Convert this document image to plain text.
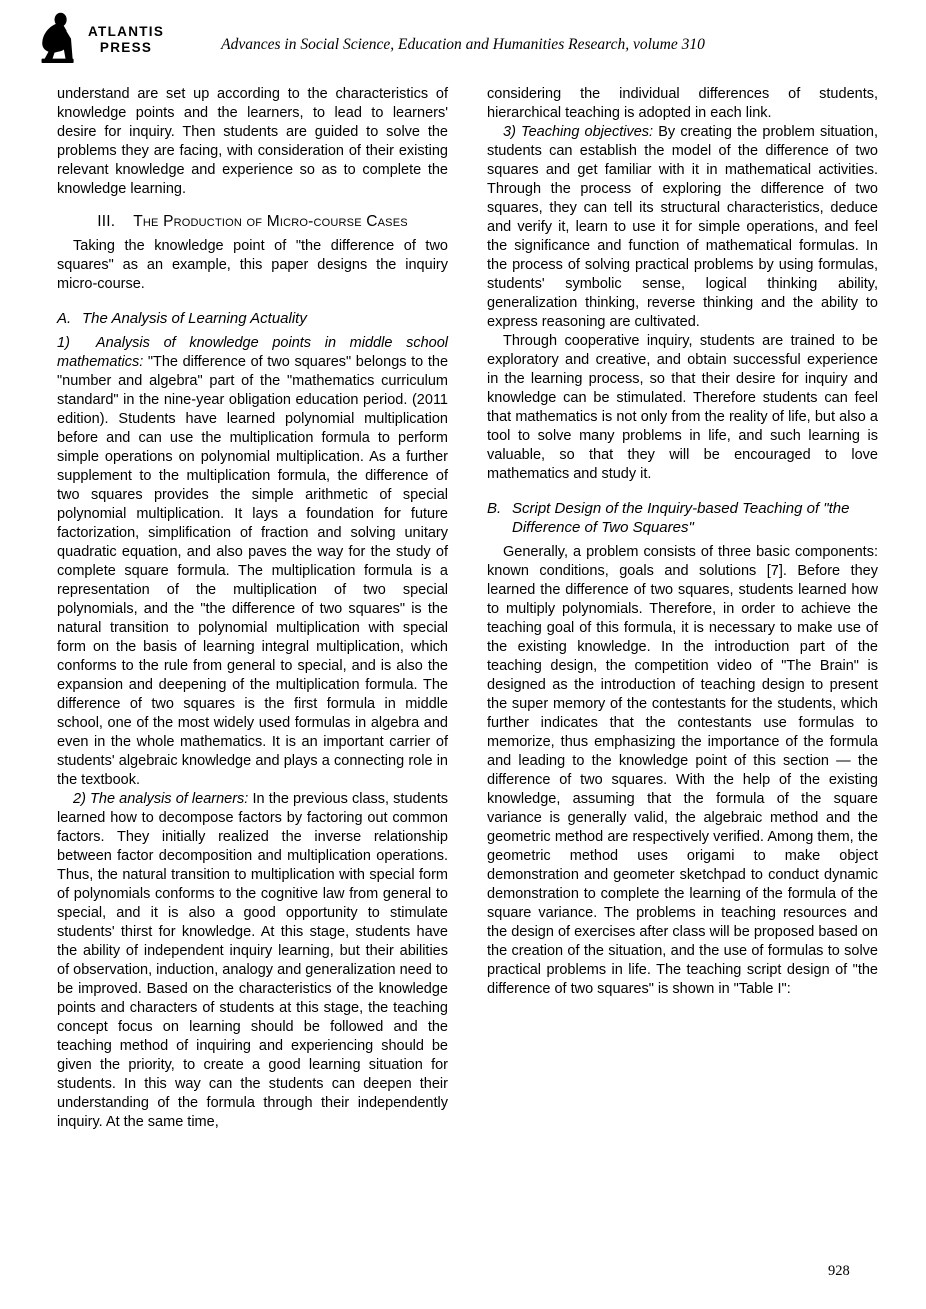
ATLANTIS
PRESS	Advances in Social Science, Education and Humanities Research, volume 310

understand are set up according to the characteristics of knowledge points and the learners, to lead to learners' desire for inquiry. Then students are guided to solve the problems they are facing, with consideration of their existing relevant knowledge and experience so as to complete the knowledge learning.

III. The Production of Micro-course Cases

Taking the knowledge point of "the difference of two squares" as an example, this paper designs the inquiry micro-course.

A. The Analysis of Learning Actuality

1) Analysis of knowledge points in middle school mathematics: "The difference of two squares" belongs to the "number and algebra" part of the "mathematics curriculum standard" in the nine-year obligation education period. (2011 edition). Students have learned polynomial multiplication before and can use the multiplication formula to perform simple operations on polynomial multiplication. As a further supplement to the multiplication formula, the difference of two squares provides the simple arithmetic of special polynomial multiplication. It lays a foundation for future factorization, simplification of fraction and solving unitary quadratic equation, and also paves the way for the study of complete square formula. The multiplication formula is a representation of the multiplication of two special polynomials, and the "the difference of two squares" is the natural transition to polynomial multiplication with special form on the basis of learning integral multiplication, which conforms to the rule from general to special, and is also the expansion and deepening of the multiplication formula. The difference of two squares is the first formula in middle school, one of the most widely used formulas in algebra and even in the whole mathematics. It is an important carrier of students' algebraic knowledge and plays a connecting role in the textbook.

2) The analysis of learners: In the previous class, students learned how to decompose factors by factoring out common factors. They initially realized the inverse relationship between factor decomposition and multiplication operations. Thus, the natural transition to multiplication with special form of polynomials conforms to the cognitive law from general to special, and it is also a good opportunity to stimulate students' thirst for knowledge. At this stage, students have the ability of independent inquiry learning, but their abilities of observation, induction, analogy and generalization need to be improved. Based on the characteristics of the knowledge points and characters of students at this stage, the teaching concept focus on learning should be followed and the teaching method of inquiring and experiencing should be given the priority, to create a good learning situation for students. In this way can the students can deepen their understanding of the formula through their independently inquiry. At the same time,

considering the individual differences of students, hierarchical teaching is adopted in each link.

3) Teaching objectives: By creating the problem situation, students can establish the model of the difference of two squares and get familiar with it in mathematical activities. Through the process of exploring the difference of two squares, they can tell its structural characteristics, deduce and verify it, learn to use it for simple operations, and feel the significance and function of mathematical formulas. In the process of solving practical problems by using formulas, students' symbolic sense, logical thinking ability, generalization thinking, reverse thinking and the ability to express reasoning are cultivated.

Through cooperative inquiry, students are trained to be exploratory and creative, and obtain successful experience in the learning process, so that their desire for inquiry and knowledge can be stimulated. Therefore students can feel that mathematics is not only from the reality of life, but also a tool to solve many problems in life, and such learning is valuable, so that they will be encouraged to love mathematics and study it.

B. Script Design of the Inquiry-based Teaching of "the Difference of Two Squares"

Generally, a problem consists of three basic components: known conditions, goals and solutions [7]. Before they learned the difference of two squares, students learned how to multiply polynomials. Therefore, in order to achieve the teaching goal of this formula, it is necessary to make use of the existing knowledge. In the introduction part of the teaching design, the competition video of "The Brain" is designed as the introduction of teaching design to present the super memory of the contestants for the students, which further indicates that the contestants use formulas to memorize, thus emphasizing the importance of the formula and leading to the knowledge point of this section — the difference of two squares. With the help of the existing knowledge, assuming that the formula of the square variance is generally valid, the algebraic method and the geometric method are respectively verified. Among them, the geometric method uses origami to make object demonstration and geometer sketchpad to conduct dynamic demonstration to complete the learning of the formula of the square variance. The problems in teaching resources and the design of exercises after class will be proposed based on the creation of the situation, and the use of formulas to solve practical problems in life. The teaching script design of "the difference of two squares" is shown in "Table I":

928
